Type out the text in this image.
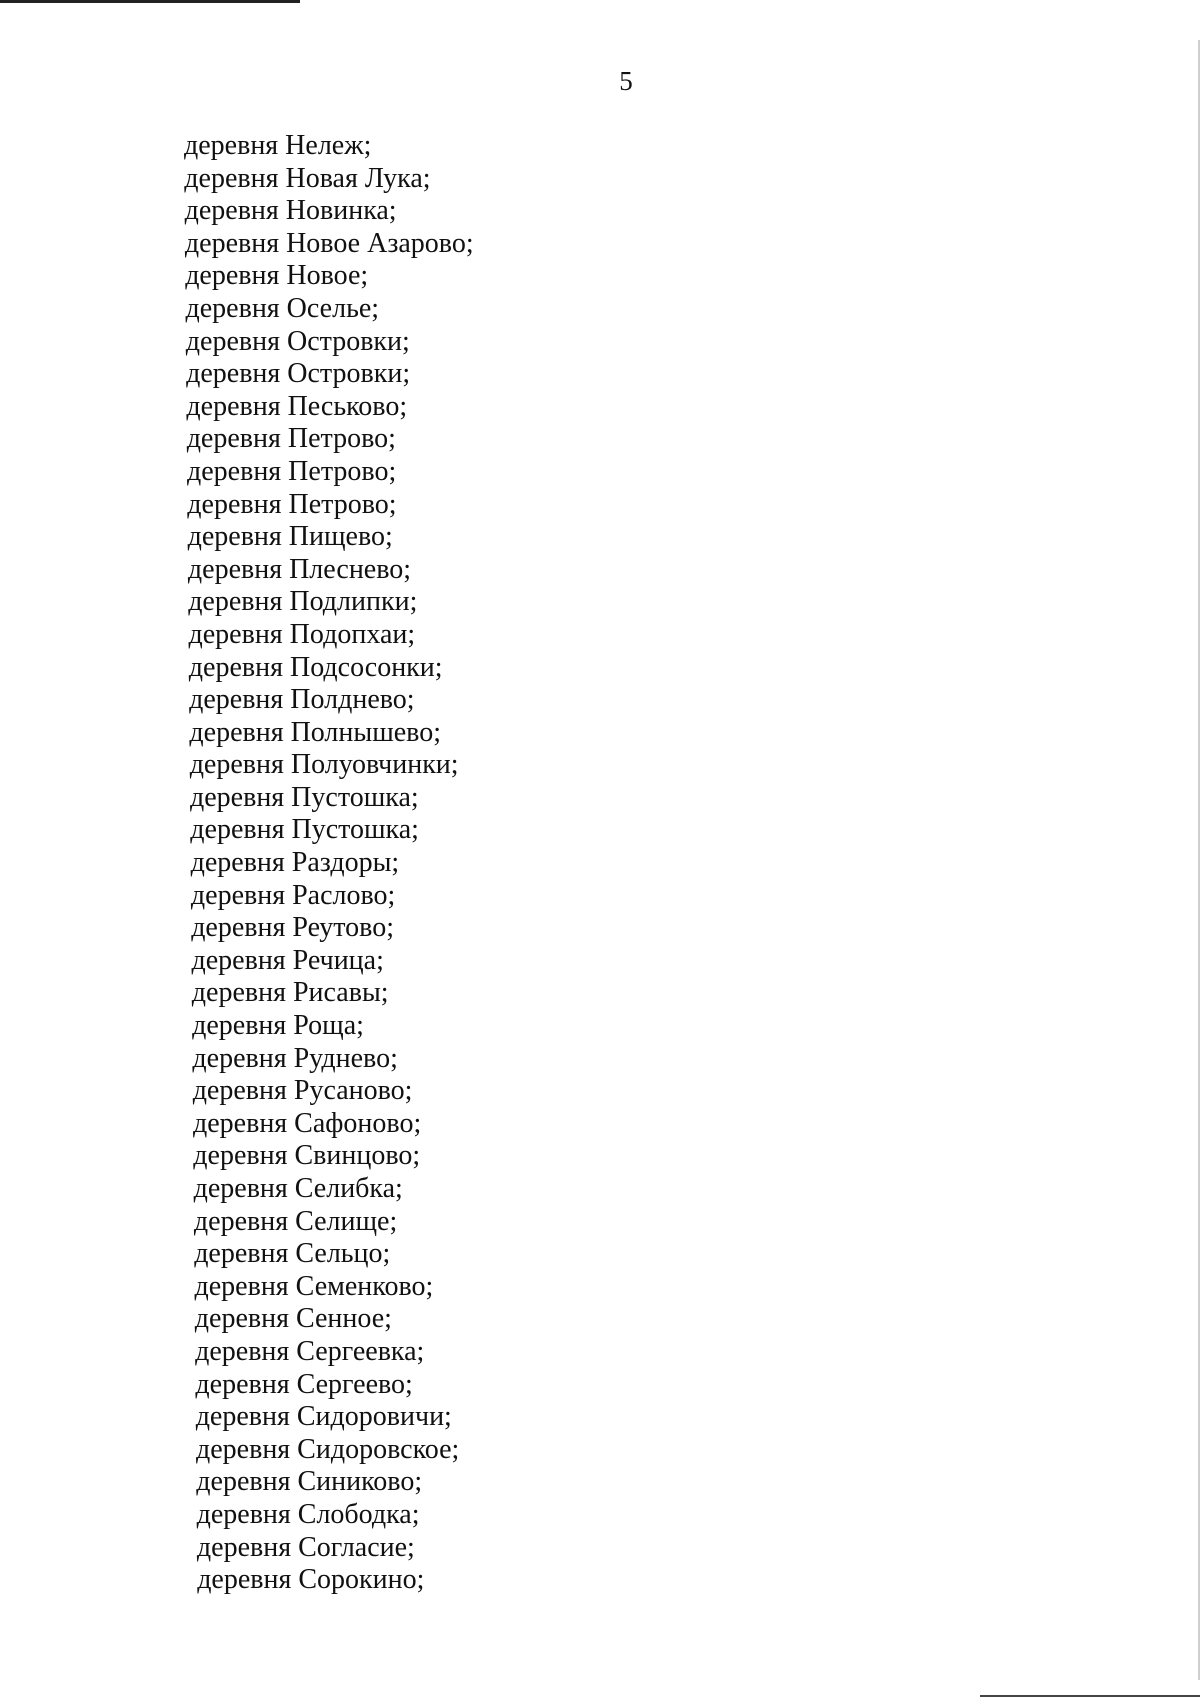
5
деревня Нележ;
деревня Новая Лука;
деревня Новинка;
деревня Новое Азарово;
деревня Новое;
деревня Оселье;
деревня Островки;
деревня Островки;
деревня Песьково;
деревня Петрово;
деревня Петрово;
деревня Петрово;
деревня Пищево;
деревня Плеснево;
деревня Подлипки;
деревня Подопхаи;
деревня Подсосонки;
деревня Полднево;
деревня Полнышево;
деревня Полуовчинки;
деревня Пустошка;
деревня Пустошка;
деревня Раздоры;
деревня Раслово;
деревня Реутово;
деревня Речица;
деревня Рисавы;
деревня Роща;
деревня Руднево;
деревня Русаново;
деревня Сафоново;
деревня Свинцово;
деревня Селибка;
деревня Селище;
деревня Сельцо;
деревня Семенково;
деревня Сенное;
деревня Сергеевка;
деревня Сергеево;
деревня Сидоровичи;
деревня Сидоровское;
деревня Синиково;
деревня Слободка;
деревня Согласие;
деревня Сорокино;
